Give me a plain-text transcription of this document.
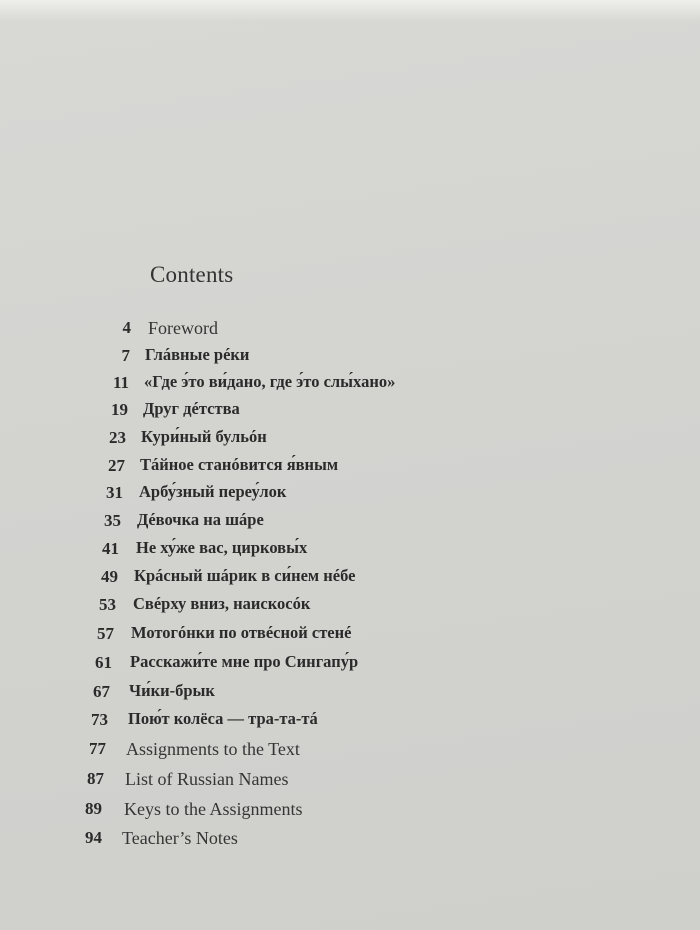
Contents
4 Foreword
7 Глáвные рéки
11 «Где э́то ви́дано, где э́то слы́хано»
19 Друг дéтства
23 Кури́ный бульóн
27 Тáйное станóвится я́вным
31 Арбу́зный переу́лок
35 Дéвочка на шáре
41 Не ху́же вас, цирковы́х
49 Крáсный шáрик в си́нем нéбе
53 Свéрху вниз, наискосóк
57 Мотогóнки по отвéсной стенé
61 Расскажи́те мне про Сингапу́р
67 Чи́ки-брык
73 Пою́т колёса — тра-та-тá
77 Assignments to the Text
87 List of Russian Names
89 Keys to the Assignments
94 Teacher’s Notes
